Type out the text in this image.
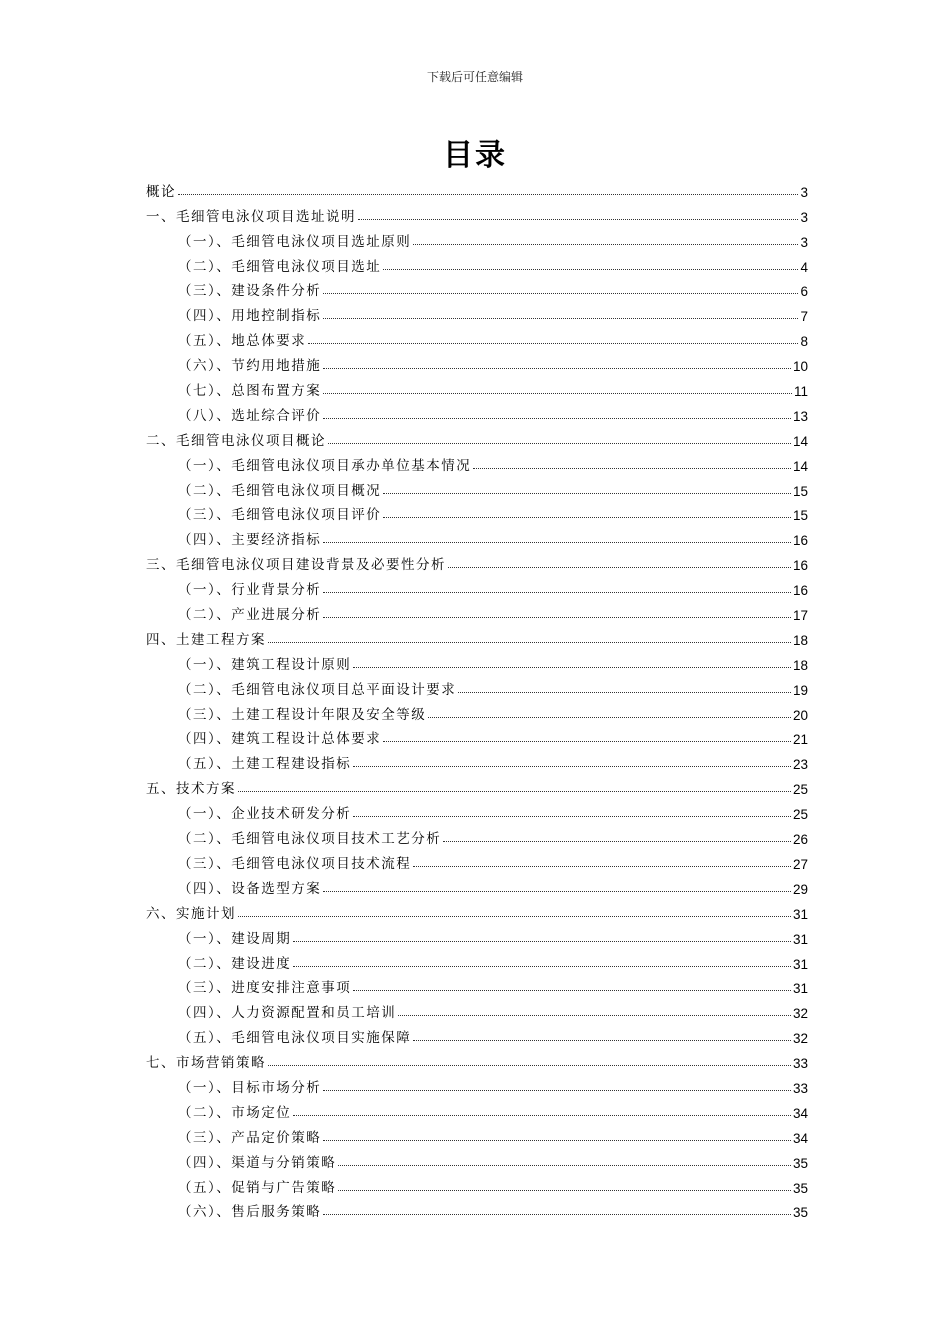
下载后可任意编辑
目录
概论	3
一、毛细管电泳仪项目选址说明	3
（一）、毛细管电泳仪项目选址原则	3
（二）、毛细管电泳仪项目选址	4
（三）、建设条件分析	6
（四）、用地控制指标	7
（五）、地总体要求	8
（六）、节约用地措施	10
（七）、总图布置方案	11
（八）、选址综合评价	13
二、毛细管电泳仪项目概论	14
（一）、毛细管电泳仪项目承办单位基本情况	14
（二）、毛细管电泳仪项目概况	15
（三）、毛细管电泳仪项目评价	15
（四）、主要经济指标	16
三、毛细管电泳仪项目建设背景及必要性分析	16
（一）、行业背景分析	16
（二）、产业进展分析	17
四、土建工程方案	18
（一）、建筑工程设计原则	18
（二）、毛细管电泳仪项目总平面设计要求	19
（三）、土建工程设计年限及安全等级	20
（四）、建筑工程设计总体要求	21
（五）、土建工程建设指标	23
五、技术方案	25
（一）、企业技术研发分析	25
（二）、毛细管电泳仪项目技术工艺分析	26
（三）、毛细管电泳仪项目技术流程	27
（四）、设备选型方案	29
六、实施计划	31
（一）、建设周期	31
（二）、建设进度	31
（三）、进度安排注意事项	31
（四）、人力资源配置和员工培训	32
（五）、毛细管电泳仪项目实施保障	32
七、市场营销策略	33
（一）、目标市场分析	33
（二）、市场定位	34
（三）、产品定价策略	34
（四）、渠道与分销策略	35
（五）、促销与广告策略	35
（六）、售后服务策略	35
